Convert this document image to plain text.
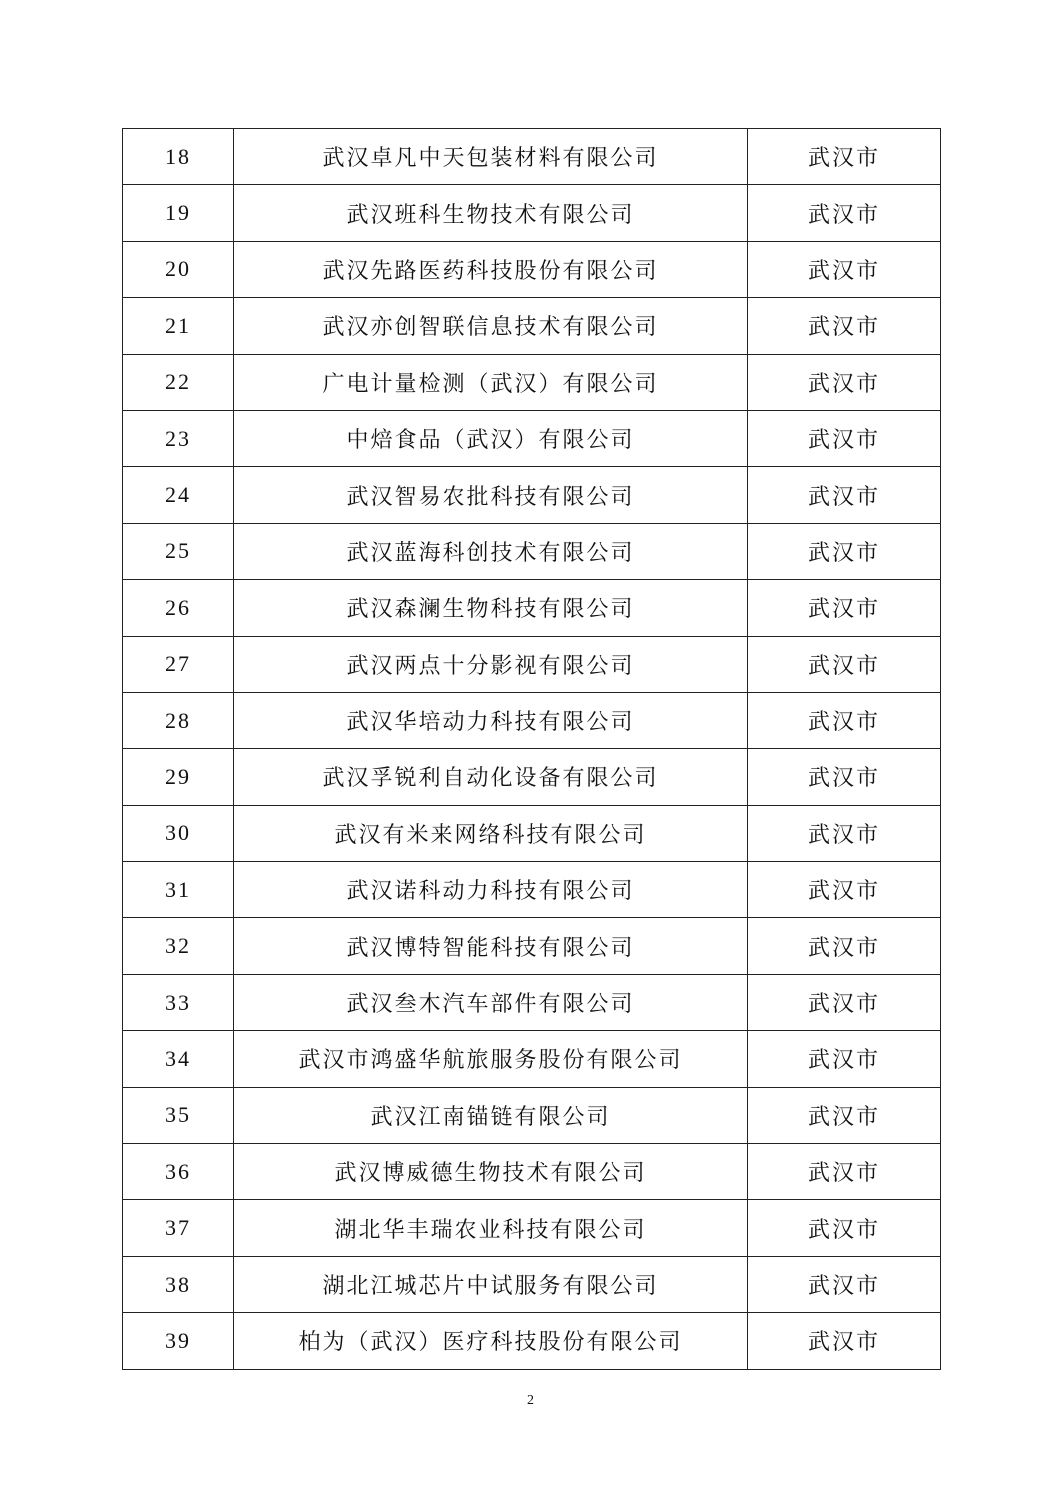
18	武汉卓凡中天包装材料有限公司	武汉市
19	武汉班科生物技术有限公司	武汉市
20	武汉先路医药科技股份有限公司	武汉市
21	武汉亦创智联信息技术有限公司	武汉市
22	广电计量检测（武汉）有限公司	武汉市
23	中焙食品（武汉）有限公司	武汉市
24	武汉智易农批科技有限公司	武汉市
25	武汉蓝海科创技术有限公司	武汉市
26	武汉森澜生物科技有限公司	武汉市
27	武汉两点十分影视有限公司	武汉市
28	武汉华培动力科技有限公司	武汉市
29	武汉孚锐利自动化设备有限公司	武汉市
30	武汉有米来网络科技有限公司	武汉市
31	武汉诺科动力科技有限公司	武汉市
32	武汉博特智能科技有限公司	武汉市
33	武汉叁木汽车部件有限公司	武汉市
34	武汉市鸿盛华航旅服务股份有限公司	武汉市
35	武汉江南锚链有限公司	武汉市
36	武汉博威德生物技术有限公司	武汉市
37	湖北华丰瑞农业科技有限公司	武汉市
38	湖北江城芯片中试服务有限公司	武汉市
39	柏为（武汉）医疗科技股份有限公司	武汉市
2
